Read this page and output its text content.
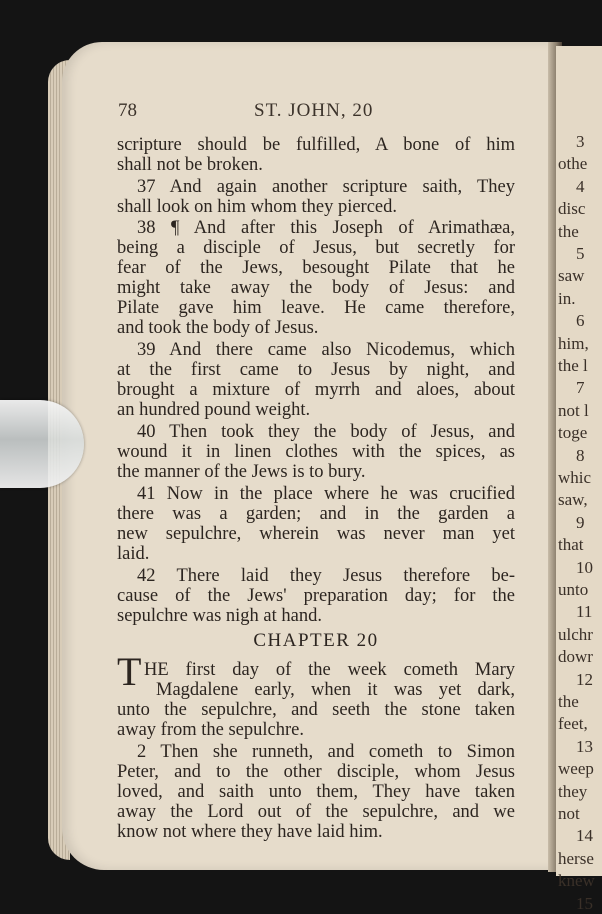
3
othe
4
disc
the
5
saw
in.
6
him,
the l
7
not l
toge
8
whic
saw,
9
that
10
unto
11
ulchr
dowr
12
the
feet,
13
weep
they
not
14
herse
knew
15
78	ST. JOHN, 20
scripture should be fulfilled, A bone of him
shall not be broken.
37 And again another scripture saith, They
shall look on him whom they pierced.
38 ¶ And after this Joseph of Arimathæa,
being a disciple of Jesus, but secretly for
fear of the Jews, besought Pilate that he
might take away the body of Jesus: and
Pilate gave him leave. He came therefore,
and took the body of Jesus.
39 And there came also Nicodemus, which
at the first came to Jesus by night, and
brought a mixture of myrrh and aloes, about
an hundred pound weight.
40 Then took they the body of Jesus, and
wound it in linen clothes with the spices, as
the manner of the Jews is to bury.
41 Now in the place where he was crucified
there was a garden; and in the garden a
new sepulchre, wherein was never man yet
laid.
42 There laid they Jesus therefore be-
cause of the Jews' preparation day; for the
sepulchre was nigh at hand.
CHAPTER 20
T HE first day of the week cometh Mary
Magdalene early, when it was yet dark,
unto the sepulchre, and seeth the stone taken
away from the sepulchre.
2 Then she runneth, and cometh to Simon
Peter, and to the other disciple, whom Jesus
loved, and saith unto them, They have taken
away the Lord out of the sepulchre, and we
know not where they have laid him.
